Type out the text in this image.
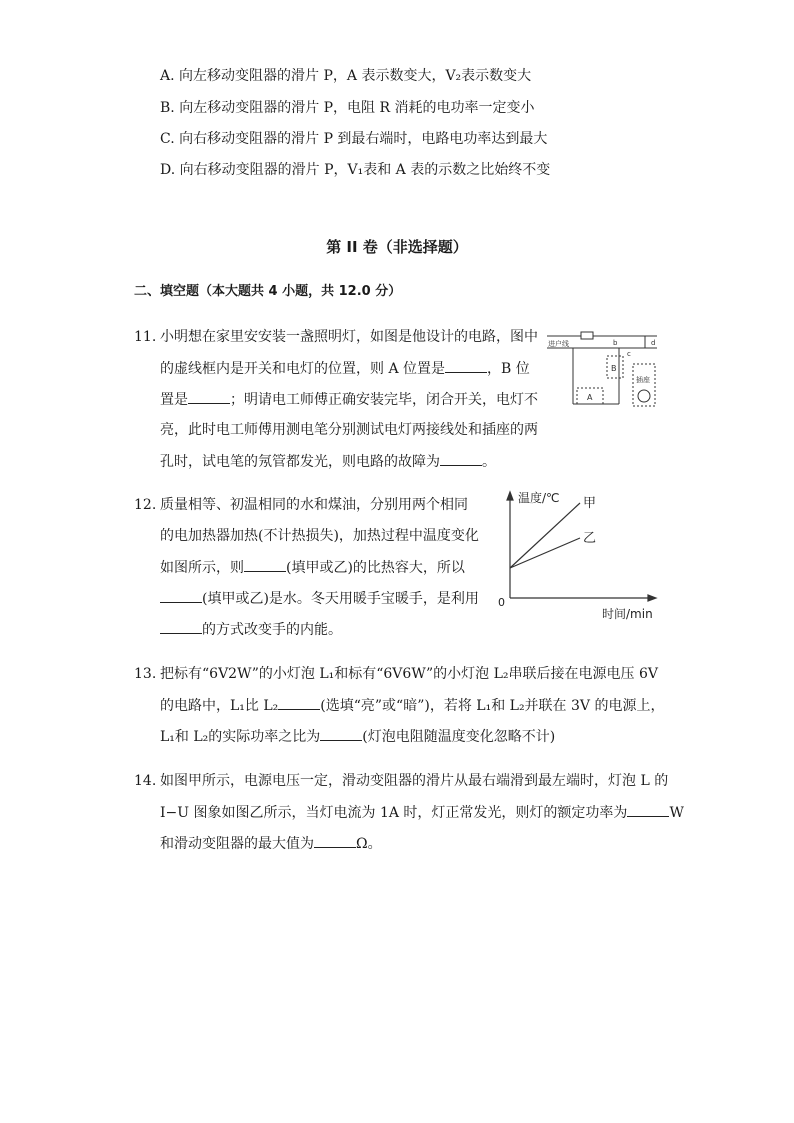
A. 向左移动变阻器的滑片 P，A 表示数变大，V₂表示数变大
B. 向左移动变阻器的滑片 P，电阻 R 消耗的电功率一定变小
C. 向右移动变阻器的滑片 P 到最右端时，电路电功率达到最大
D. 向右移动变阻器的滑片 P，V₁表和 A 表的示数之比始终不变
第 II 卷（非选择题）
二、填空题（本大题共 4 小题，共 12.0 分）
11. 小明想在家里安安装一盏照明灯，如图是他设计的电路，图中
的虚线框内是开关和电灯的位置，则 A 位置是	，B 位
置是	；明请电工师傅正确安装完毕，闭合开关，电灯不
亮，此时电工师傅用测电笔分别测试电灯两接线处和插座的两
孔时，试电笔的氖管都发光，则电路的故障为	。
进户线
A
B
b
c
d
插座
12. 质量相等、初温相同的水和煤油，分别用两个相同
的电加热器加热(不计热损失)，加热过程中温度变化
如图所示，则	(填甲或乙)的比热容大，所以
(填甲或乙)是水。冬天用暖手宝暖手，是利用
的方式改变手的内能。
甲
乙
温度/℃
时间/min
0
13. 把标有“6V2W”的小灯泡 L₁和标有“6V6W”的小灯泡 L₂串联后接在电源电压 6V
的电路中，L₁比 L₂	(选填“亮”或“暗”)，若将 L₁和 L₂并联在 3V 的电源上，
L₁和 L₂的实际功率之比为	(灯泡电阻随温度变化忽略不计)
14. 如图甲所示，电源电压一定，滑动变阻器的滑片从最右端滑到最左端时，灯泡 L 的
I−U 图象如图乙所示，当灯电流为 1A 时，灯正常发光，则灯的额定功率为	W
和滑动变阻器的最大值为	Ω。
